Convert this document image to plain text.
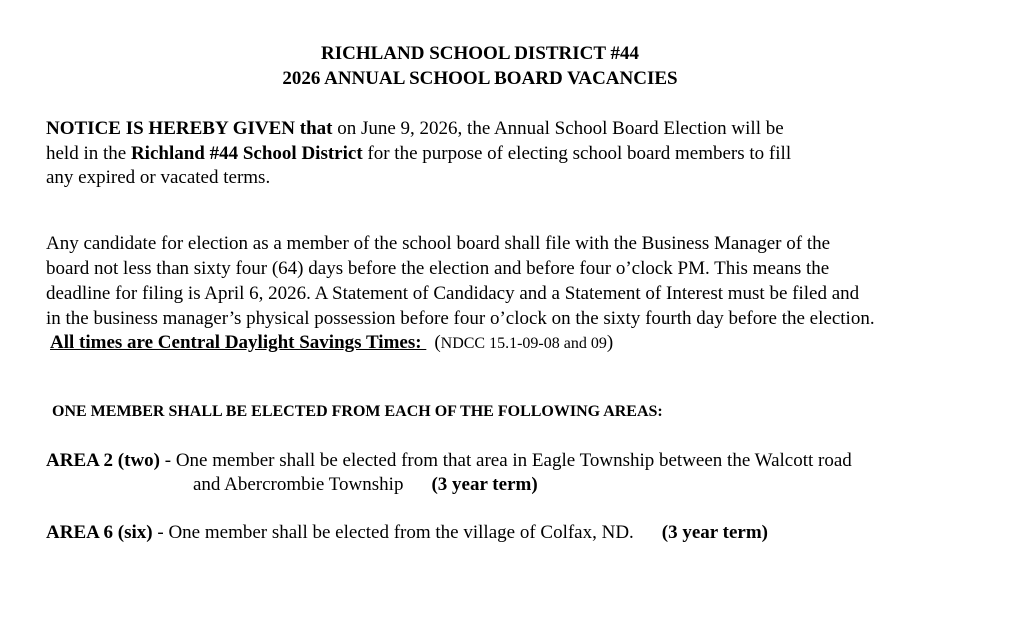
RICHLAND SCHOOL DISTRICT #44
2026 ANNUAL SCHOOL BOARD VACANCIES
NOTICE IS HEREBY GIVEN that on June 9, 2026, the Annual School Board Election will be
held in the Richland #44 School District for the purpose of electing school board members to fill
any expired or vacated terms.
Any candidate for election as a member of the school board shall file with the Business Manager of the
board not less than sixty four (64) days before the election and before four o’clock PM. This means the
deadline for filing is April 6, 2026. A Statement of Candidacy and a Statement of Interest must be filed and
in the business manager’s physical possession before four o’clock on the sixty fourth day before the election.
All times are Central Daylight Savings Times: (NDCC 15.1-09-08 and 09)
ONE MEMBER SHALL BE ELECTED FROM EACH OF THE FOLLOWING AREAS:
AREA 2 (two) - One member shall be elected from that area in Eagle Township between the Walcott road
and Abercrombie Township (3 year term)
AREA 6 (six) - One member shall be elected from the village of Colfax, ND. (3 year term)
